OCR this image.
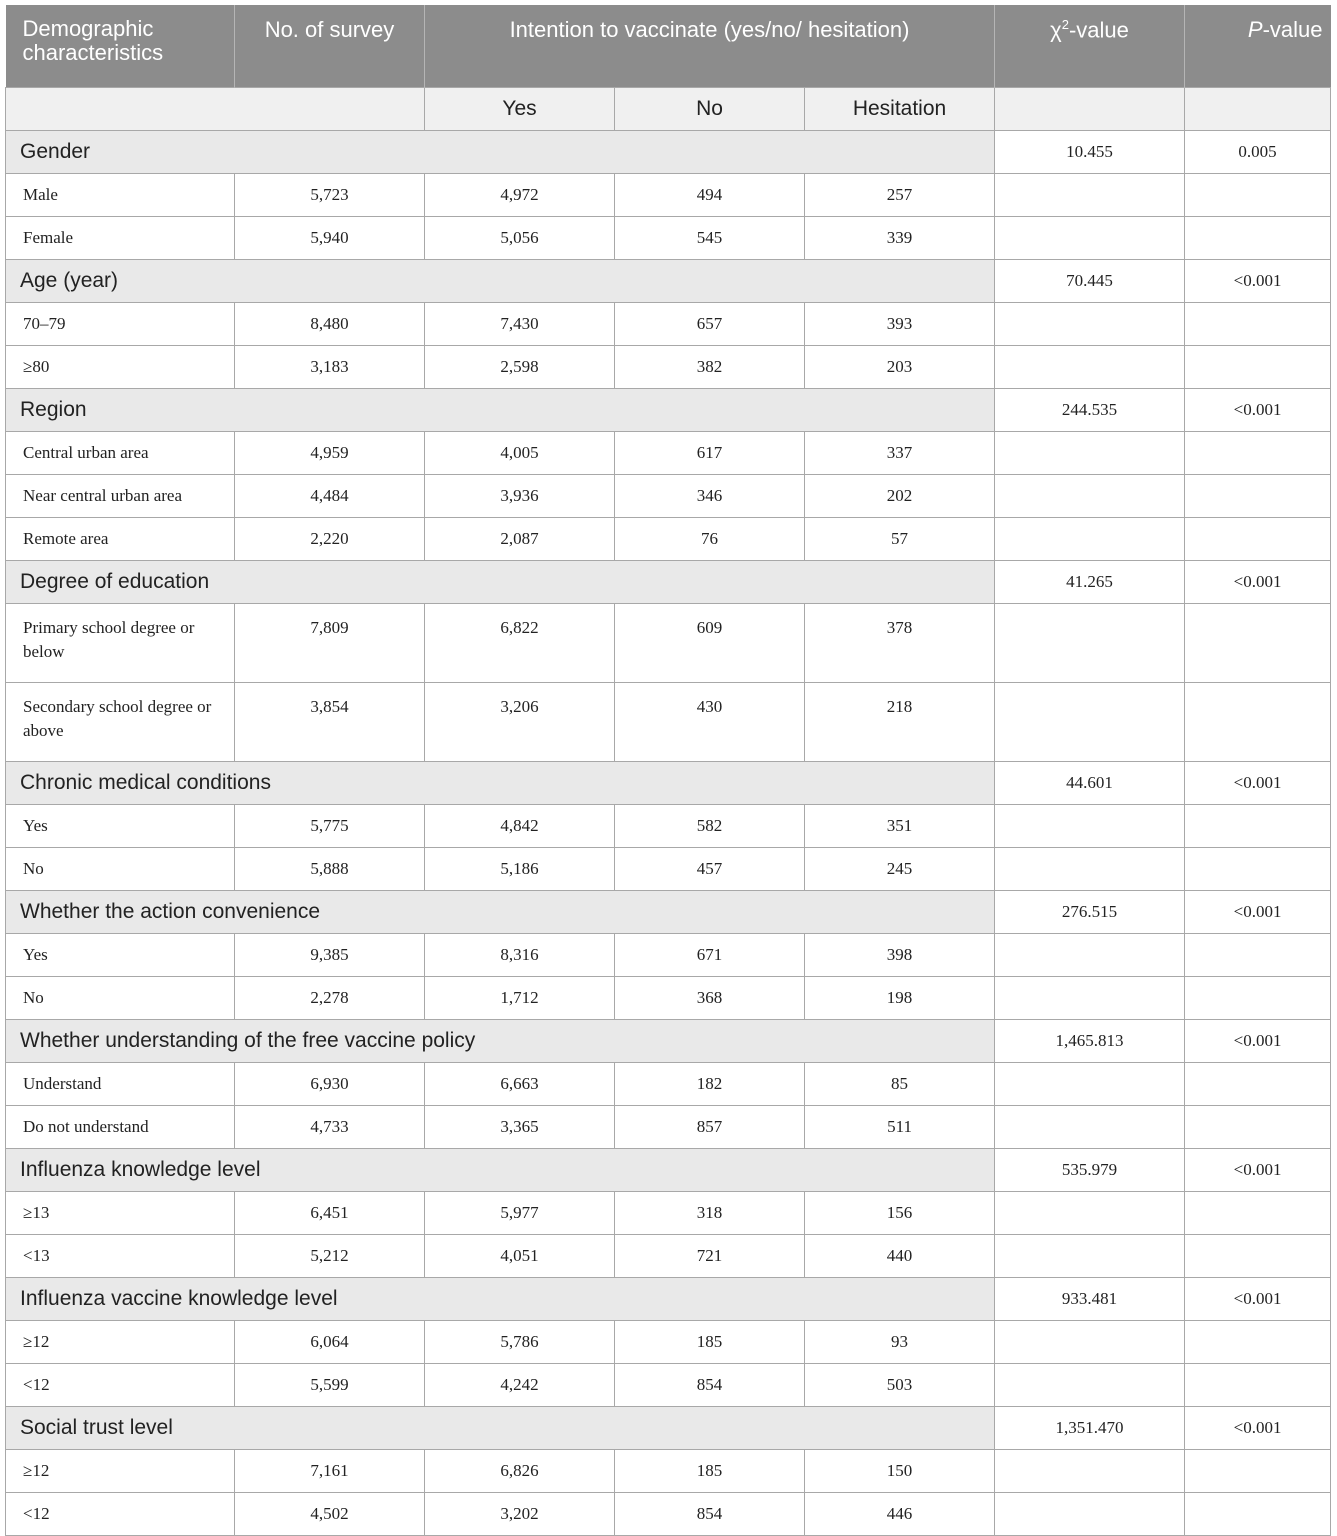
Demographic characteristics	No. of survey	Intention to vaccinate (yes/no/ hesitation)			$\chi^2$-value	P-value
		Yes	No	Hesitation		
Gender					10.455	0.005
Male	5,723	4,972	494	257		
Female	5,940	5,056	545	339		
Age (year)					70.445	<0.001
70–79	8,480	7,430	657	393		
≥80	3,183	2,598	382	203		
Region					244.535	<0.001
Central urban area	4,959	4,005	617	337		
Near central urban area	4,484	3,936	346	202		
Remote area	2,220	2,087	76	57		
Degree of education					41.265	<0.001
Primary school degree or below	7,809	6,822	609	378		
Secondary school degree or above	3,854	3,206	430	218		
Chronic medical conditions					44.601	<0.001
Yes	5,775	4,842	582	351		
No	5,888	5,186	457	245		
Whether the action convenience					276.515	<0.001
Yes	9,385	8,316	671	398		
No	2,278	1,712	368	198		
Whether understanding of the free vaccine policy					1,465.813	<0.001
Understand	6,930	6,663	182	85		
Do not understand	4,733	3,365	857	511		
Influenza knowledge level					535.979	<0.001
≥13	6,451	5,977	318	156		
<13	5,212	4,051	721	440		
Influenza vaccine knowledge level					933.481	<0.001
≥12	6,064	5,786	185	93		
<12	5,599	4,242	854	503		
Social trust level					1,351.470	<0.001
≥12	7,161	6,826	185	150		
<12	4,502	3,202	854	446		
